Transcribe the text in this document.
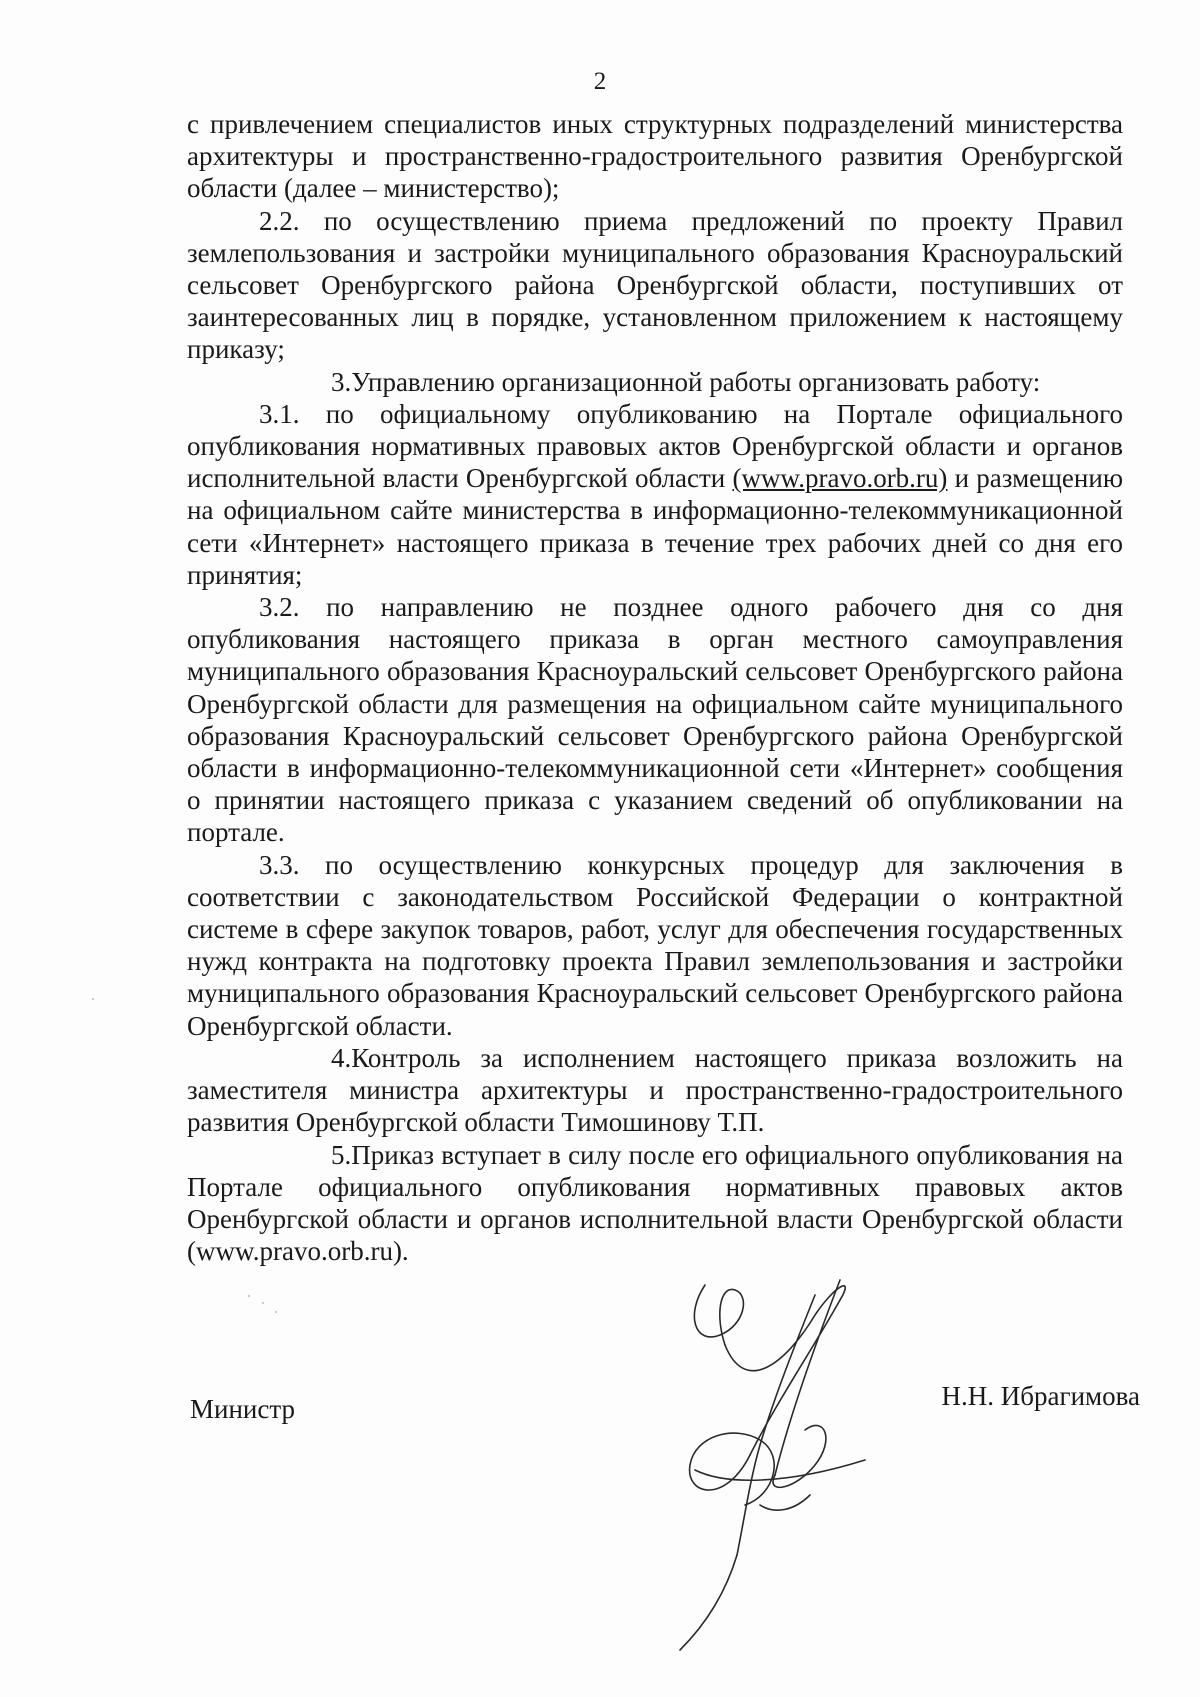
2

с привлечением специалистов иных структурных подразделений министерства архитектуры и пространственно-градостроительного развития Оренбургской области (далее – министерство);

2.2. по осуществлению приема предложений по проекту Правил землепользования и застройки муниципального образования Красноуральский сельсовет Оренбургского района Оренбургской области, поступивших от заинтересованных лиц в порядке, установленном приложением к настоящему приказу;

3.Управлению организационной работы организовать работу:

3.1. по официальному опубликованию на Портале официального опубликования нормативных правовых актов Оренбургской области и органов исполнительной власти Оренбургской области (www.pravo.orb.ru) и размещению на официальном сайте министерства в информационно-телекоммуникационной сети «Интернет» настоящего приказа в течение трех рабочих дней со дня его принятия;

3.2. по направлению не позднее одного рабочего дня со дня опубликования настоящего приказа в орган местного самоуправления муниципального образования Красноуральский сельсовет Оренбургского района Оренбургской области для размещения на официальном сайте муниципального образования Красноуральский сельсовет Оренбургского района Оренбургской области в информационно-телекоммуникационной сети «Интернет» сообщения о принятии настоящего приказа с указанием сведений об опубликовании на портале.

3.3. по осуществлению конкурсных процедур для заключения в соответствии с законодательством Российской Федерации о контрактной системе в сфере закупок товаров, работ, услуг для обеспечения государственных нужд контракта на подготовку проекта Правил землепользования и застройки муниципального образования Красноуральский сельсовет Оренбургского района Оренбургской области.

4.Контроль за исполнением настоящего приказа возложить на заместителя министра архитектуры и пространственно-градостроительного развития Оренбургской области Тимошинову Т.П.

5.Приказ вступает в силу после его официального опубликования на Портале официального опубликования нормативных правовых актов Оренбургской области и органов исполнительной власти Оренбургской области (www.pravo.orb.ru).

Министр	Н.Н. Ибрагимова
